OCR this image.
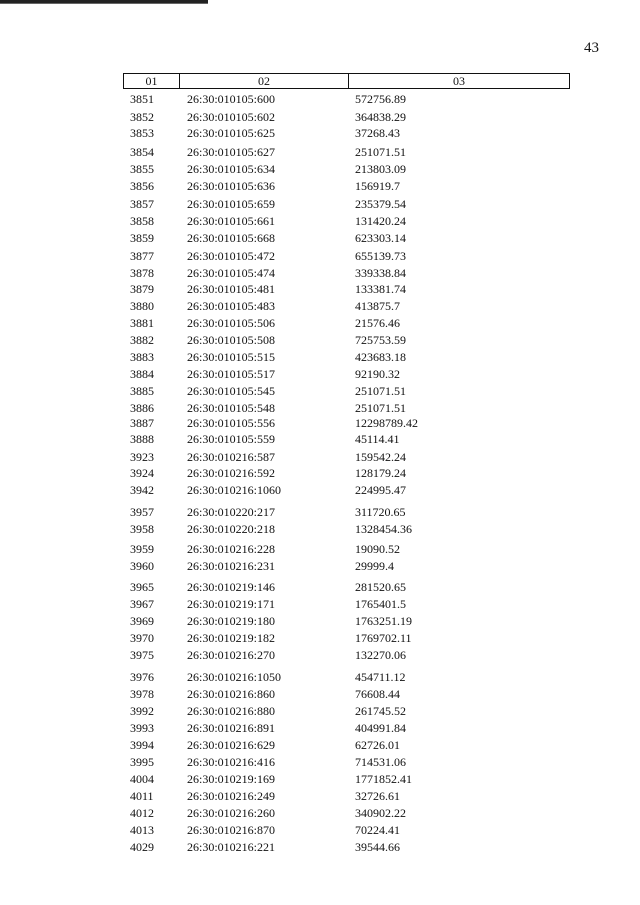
43
01	02	03
3851	26:30:010105:600	572756.89
3852	26:30:010105:602	364838.29
3853	26:30:010105:625	37268.43
3854	26:30:010105:627	251071.51
3855	26:30:010105:634	213803.09
3856	26:30:010105:636	156919.7
3857	26:30:010105:659	235379.54
3858	26:30:010105:661	131420.24
3859	26:30:010105:668	623303.14
3877	26:30:010105:472	655139.73
3878	26:30:010105:474	339338.84
3879	26:30:010105:481	133381.74
3880	26:30:010105:483	413875.7
3881	26:30:010105:506	21576.46
3882	26:30:010105:508	725753.59
3883	26:30:010105:515	423683.18
3884	26:30:010105:517	92190.32
3885	26:30:010105:545	251071.51
3886	26:30:010105:548	251071.51
3887	26:30:010105:556	12298789.42
3888	26:30:010105:559	45114.41
3923	26:30:010216:587	159542.24
3924	26:30:010216:592	128179.24
3942	26:30:010216:1060	224995.47
3957	26:30:010220:217	311720.65
3958	26:30:010220:218	1328454.36
3959	26:30:010216:228	19090.52
3960	26:30:010216:231	29999.4
3965	26:30:010219:146	281520.65
3967	26:30:010219:171	1765401.5
3969	26:30:010219:180	1763251.19
3970	26:30:010219:182	1769702.11
3975	26:30:010216:270	132270.06
3976	26:30:010216:1050	454711.12
3978	26:30:010216:860	76608.44
3992	26:30:010216:880	261745.52
3993	26:30:010216:891	404991.84
3994	26:30:010216:629	62726.01
3995	26:30:010216:416	714531.06
4004	26:30:010219:169	1771852.41
4011	26:30:010216:249	32726.61
4012	26:30:010216:260	340902.22
4013	26:30:010216:870	70224.41
4029	26:30:010216:221	39544.66
